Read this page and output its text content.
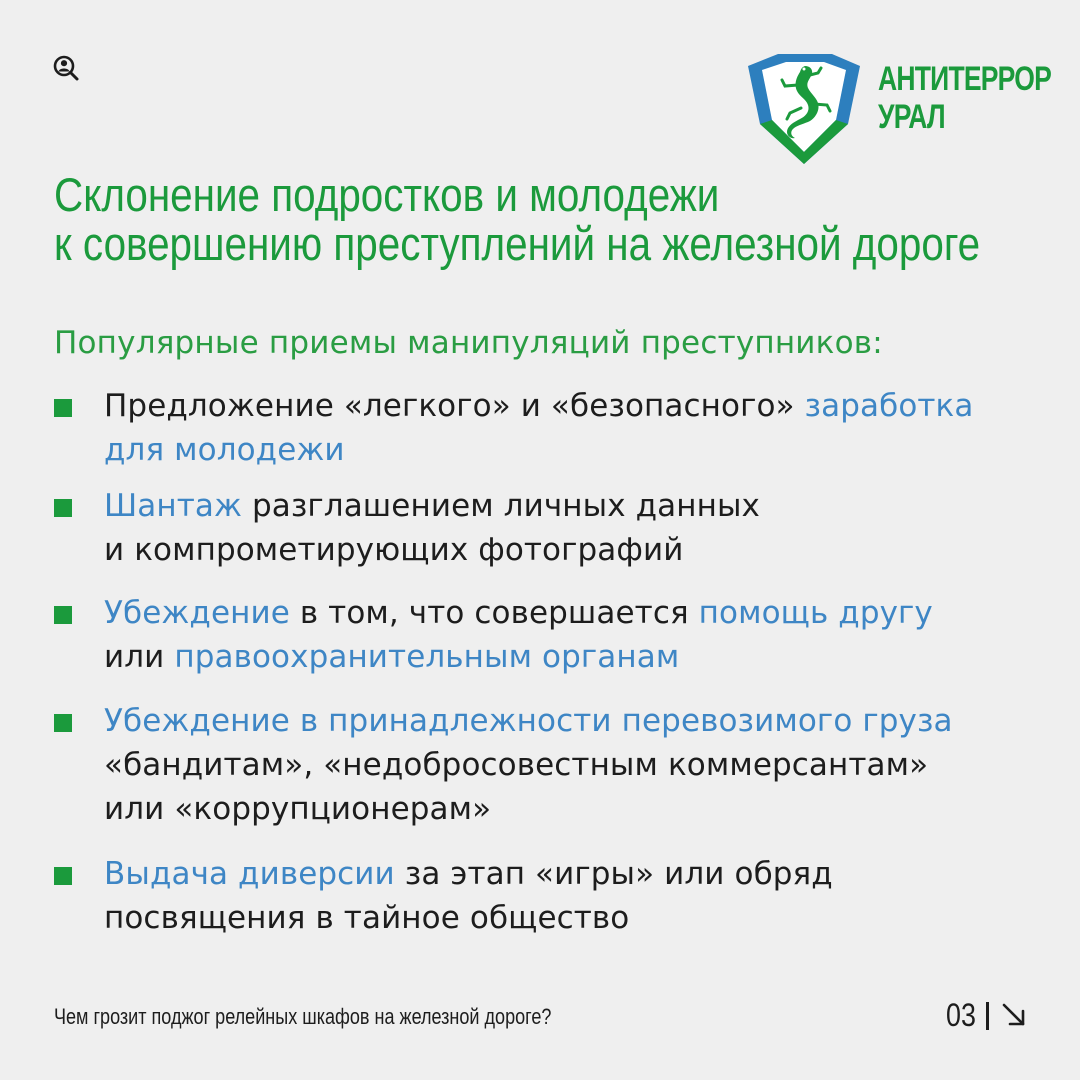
АНТИТЕРРОР
УРАЛ
Склонение подростков и молодежи
к совершению преступлений на железной дороге
Популярные приемы манипуляций преступников:
Предложение «легкого» и «безопасного» заработка
для молодежи
Шантаж разглашением личных данных
и компрометирующих фотографий
Убеждение в том, что совершается помощь другу
или правоохранительным органам
Убеждение в принадлежности перевозимого груза
«бандитам», «недобросовестным коммерсантам»
или «коррупционерам»
Выдача диверсии за этап «игры» или обряд
посвящения в тайное общество
Чем грозит поджог релейных шкафов на железной дороге?	03
